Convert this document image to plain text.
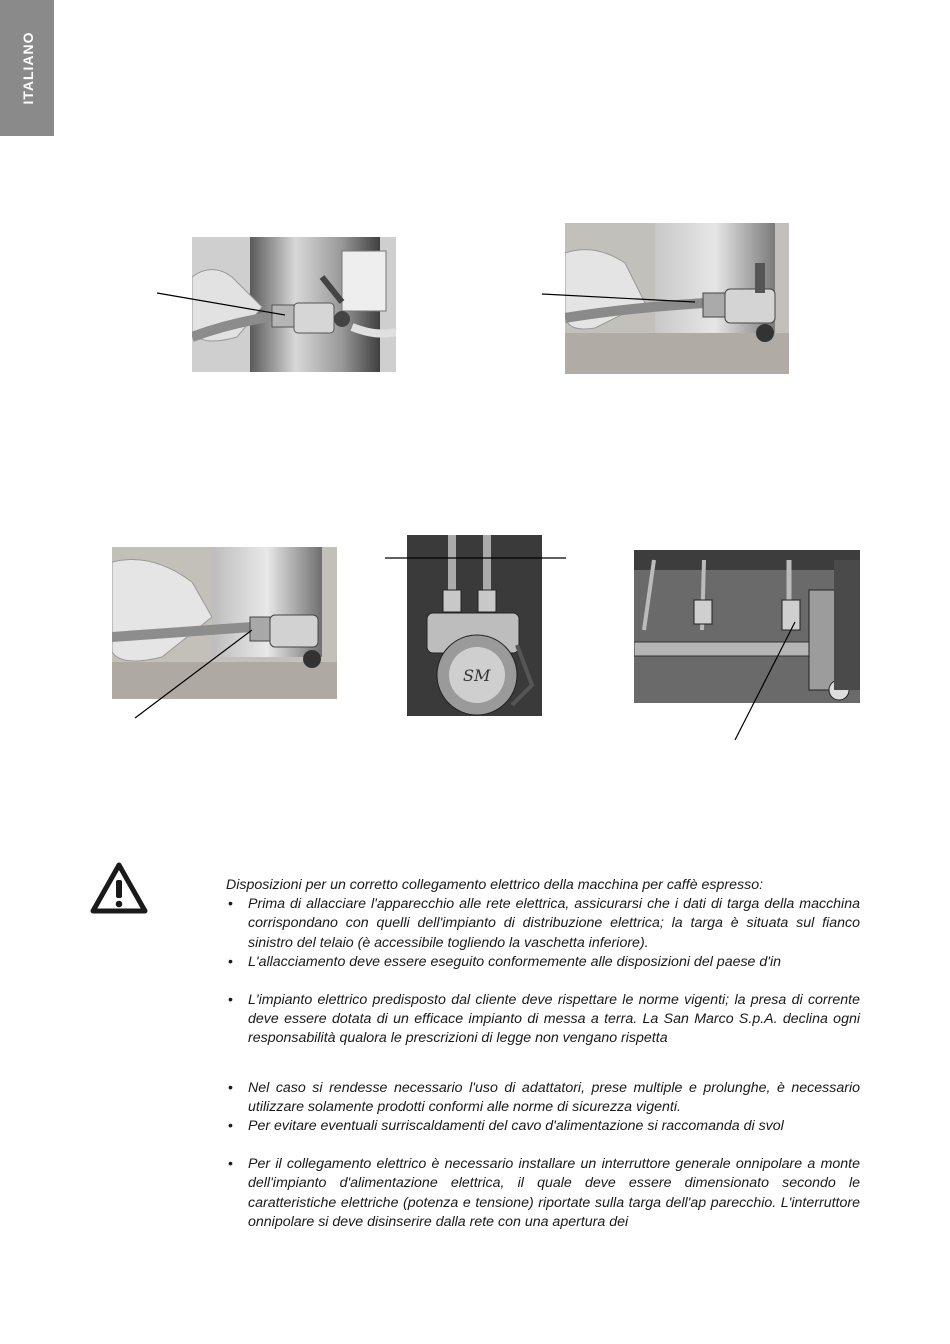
ITALIANO
SM

Disposizioni per un corretto collegamento elettrico della macchina per caffè espresso:

• Prima di allacciare l'apparecchio alle rete elettrica, assicurarsi che i dati di targa della macchina corrispondano con quelli dell'impianto di distribuzione elettrica; la targa è situata sul fianco sinistro del telaio (è accessibile togliendo la vaschetta inferiore).
• L'allacciamento deve essere eseguito conformemente alle disposizioni del paese d'in
• L'impianto elettrico predisposto dal cliente deve rispettare le norme vigenti; la presa di corrente deve essere dotata di un efficace impianto di messa a terra. La San Marco S.p.A. declina ogni responsabilità qualora le prescrizioni di legge non vengano rispetta
• Nel caso si rendesse necessario l'uso di adattatori, prese multiple e prolunghe, è necessario utilizzare solamente prodotti conformi alle norme di sicurezza vigenti.
• Per evitare eventuali surriscaldamenti del cavo d'alimentazione si raccomanda di svol
• Per il collegamento elettrico è necessario installare un interruttore generale onnipolare a monte dell'impianto d'alimentazione elettrica, il quale deve essere dimensionato secondo le caratteristiche elettriche (potenza e tensione) riportate sulla targa dell'ap parecchio. L'interruttore onnipolare si deve disinserire dalla rete con una apertura dei
